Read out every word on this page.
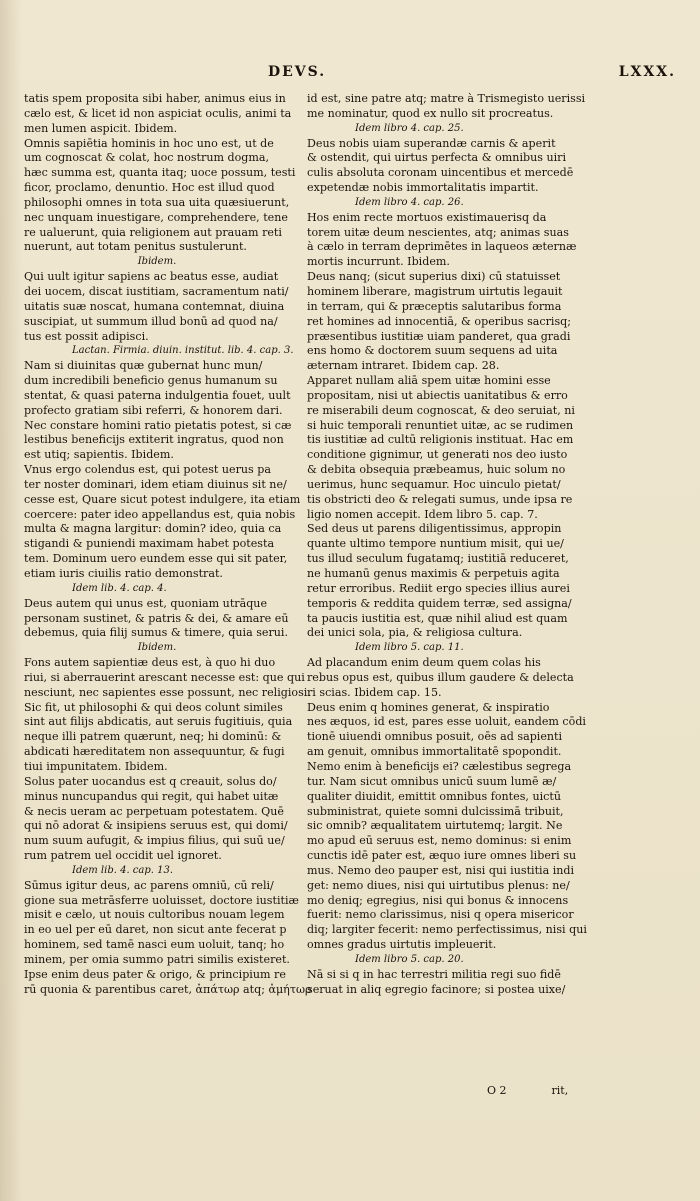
DEVS.	LXXX.
tatis spem proposita sibi haber, animus eius in
cælo est, & licet id non aspiciat oculis, animi ta
men lumen aspicit. Ibidem.
Omnis sapiētia hominis in hoc uno est, ut de
um cognoscat & colat, hoc nostrum dogma,
hæc summa est, quanta itaq; uoce possum, testi
ficor, proclamo, denuntio. Hoc est illud quod
philosophi omnes in tota sua uita quæsiuerunt,
nec unquam inuestigare, comprehendere, tene
re ualuerunt, quia religionem aut prauam reti
nuerunt, aut totam penitus sustulerunt.
Ibidem.
Qui uult igitur sapiens ac beatus esse, audiat
dei uocem, discat iustitiam, sacramentum nati/
uitatis suæ noscat, humana contemnat, diuina
suscipiat, ut summum illud bonū ad quod na/
tus est possit adipisci.
Lactan. Firmia. diuin. institut. lib. 4. cap. 3.
Nam si diuinitas quæ gubernat hunc mun/
dum incredibili beneficio genus humanum su
stentat, & quasi paterna indulgentia fouet, uult
profecto gratiam sibi referri, & honorem dari.
Nec constare homini ratio pietatis potest, si cæ
lestibus beneficijs extiterit ingratus, quod non
est utiq; sapientis. Ibidem.
Vnus ergo colendus est, qui potest uerus pa
ter noster dominari, idem etiam diuinus sit ne/
cesse est, Quare sicut potest indulgere, ita etiam
coercere: pater ideo appellandus est, quia nobis
multa & magna largitur: domin? ideo, quia ca
stigandi & puniendi maximam habet potesta
tem. Dominum uero eundem esse qui sit pater,
etiam iuris ciuilis ratio demonstrat.
Idem lib. 4. cap. 4.
Deus autem qui unus est, quoniam utrāque
personam sustinet, & patris & dei, & amare eū
debemus, quia filij sumus & timere, quia serui.
Ibidem.
Fons autem sapientiæ deus est, à quo hi duo
riui, si aberrauerint arescant necesse est: que qui
nesciunt, nec sapientes esse possunt, nec religiosi.
Sic fit, ut philosophi & qui deos colunt similes
sint aut filijs abdicatis, aut seruis fugitiuis, quia
neque illi patrem quærunt, neq; hi dominū: &
abdicati hæreditatem non assequuntur, & fugi
tiui impunitatem. Ibidem.
Solus pater uocandus est q creauit, solus do/
minus nuncupandus qui regit, qui habet uitæ
& necis ueram ac perpetuam potestatem. Quē
qui nō adorat & insipiens seruus est, qui domi/
num suum aufugit, & impius filius, qui suū ue/
rum patrem uel occidit uel ignoret.
Idem lib. 4. cap. 13.
Sūmus igitur deus, ac parens omniū, cū reli/
gione sua metrāsferre uoluisset, doctore iustitiæ
misit e cælo, ut nouis cultoribus nouam legem
in eo uel per eū daret, non sicut ante fecerat p
hominem, sed tamē nasci eum uoluit, tanq; ho
minem, per omia summo patri similis existeret.
Ipse enim deus pater & origo, & principium re
rū quonia & parentibus caret, ἀπάτωρ atq; ἀμήτωρ
id est, sine patre atq; matre à Trismegisto uerissi
me nominatur, quod ex nullo sit procreatus.
Idem libro 4. cap. 25.
Deus nobis uiam superandæ carnis & aperit
& ostendit, qui uirtus perfecta & omnibus uiri
culis absoluta coronam uincentibus et mercedē
expetendæ nobis immortalitatis impartit.
Idem libro 4. cap. 26.
Hos enim recte mortuos existimauerisq da
torem uitæ deum nescientes, atq; animas suas
à cælo in terram deprimētes in laqueos æternæ
mortis incurrunt. Ibidem.
Deus nanq; (sicut superius dixi) cū statuisset
hominem liberare, magistrum uirtutis legauit
in terram, qui & præceptis salutaribus forma
ret homines ad innocentiā, & operibus sacrisq;
præsentibus iustitiæ uiam panderet, qua gradi
ens homo & doctorem suum sequens ad uita
æternam intraret. Ibidem cap. 28.
Apparet nullam aliā spem uitæ homini esse
propositam, nisi ut abiectis uanitatibus & erro
re miserabili deum cognoscat, & deo seruiat, ni
si huic temporali renuntiet uitæ, ac se rudimen
tis iustitiæ ad cultū religionis instituat. Hac em
conditione gignimur, ut generati nos deo iusto
& debita obsequia præbeamus, huic solum no
uerimus, hunc sequamur. Hoc uinculo pietat/
tis obstricti deo & relegati sumus, unde ipsa re
ligio nomen accepit. Idem libro 5. cap. 7.
Sed deus ut parens diligentissimus, appropin
quante ultimo tempore nuntium misit, qui ue/
tus illud seculum fugatamq; iustitiā reduceret,
ne humanū genus maximis & perpetuis agita
retur erroribus. Rediit ergo species illius aurei
temporis & reddita quidem terræ, sed assigna/
ta paucis iustitia est, quæ nihil aliud est quam
dei unici sola, pia, & religiosa cultura.
Idem libro 5. cap. 11.
Ad placandum enim deum quem colas his
rebus opus est, quibus illum gaudere & delecta
ri scias. Ibidem cap. 15.
Deus enim q homines generat, & inspiratio
nes æquos, id est, pares esse uoluit, eandem cōdi
tionē uiuendi omnibus posuit, oēs ad sapienti
am genuit, omnibus immortalitatē spopondit.
Nemo enim à beneficijs ei? cælestibus segrega
tur. Nam sicut omnibus unicū suum lumē æ/
qualiter diuidit, emittit omnibus fontes, uictū
subministrat, quiete somni dulcissimā tribuit,
sic omnib? æqualitatem uirtutemq; largit. Ne
mo apud eū seruus est, nemo dominus: si enim
cunctis idē pater est, æquo iure omnes liberi su
mus. Nemo deo pauper est, nisi qui iustitia indi
get: nemo diues, nisi qui uirtutibus plenus: ne/
mo deniq; egregius, nisi qui bonus & innocens
fuerit: nemo clarissimus, nisi q opera misericor
diq; largiter fecerit: nemo perfectissimus, nisi qui
omnes gradus uirtutis impleuerit.
Idem libro 5. cap. 20.
Nā si si q in hac terrestri militia regi suo fidē
seruat in aliq egregio facinore; si postea uixe/
O 2	rit,
